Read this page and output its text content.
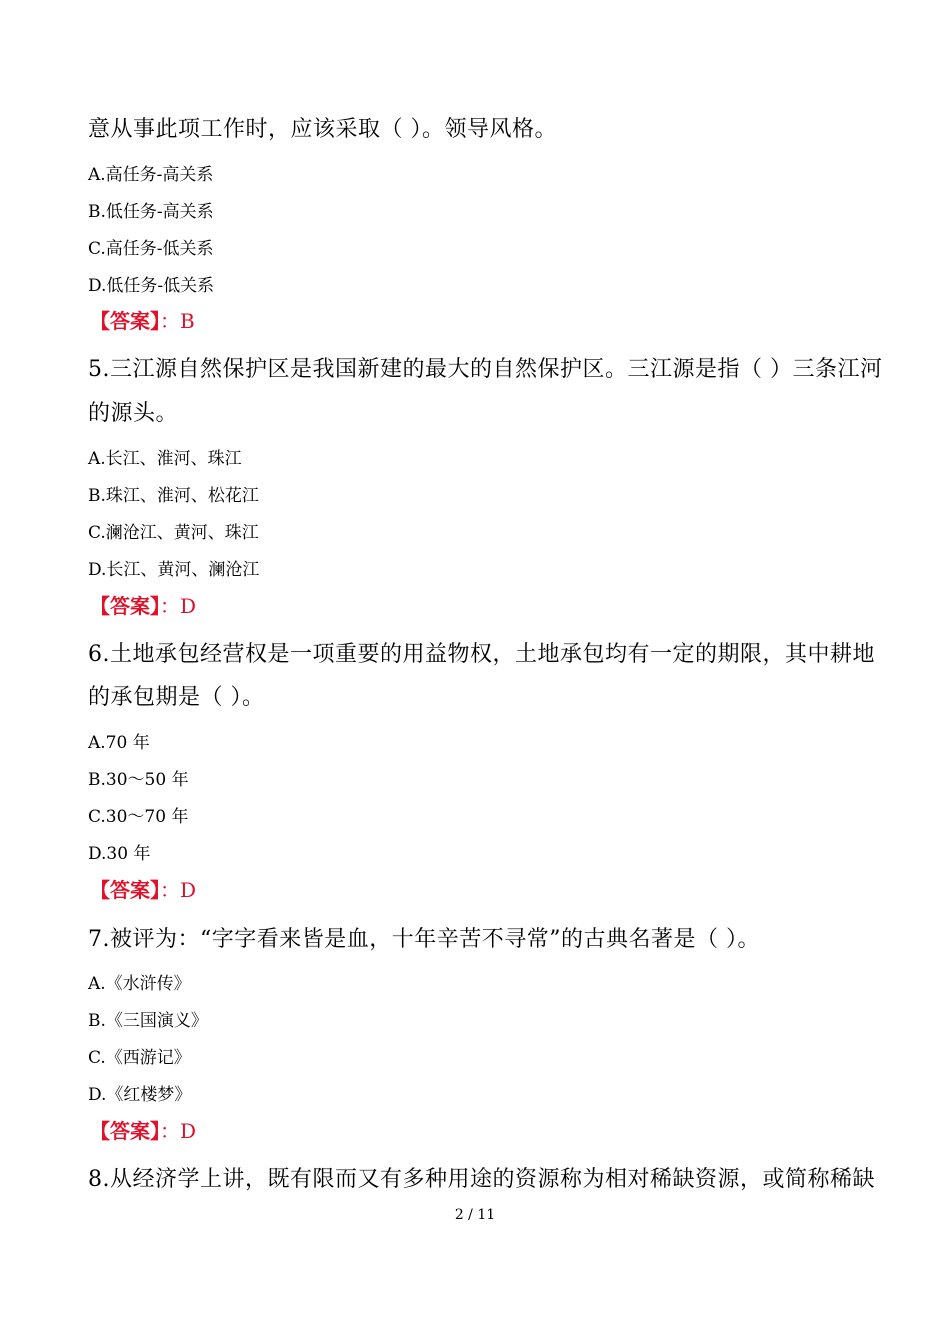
意从事此项工作时，应该采取（ ）。领导风格。

A.高任务-高关系

B.低任务-高关系

C.高任务-低关系

D.低任务-低关系

【答案】：B

5.三江源自然保护区是我国新建的最大的自然保护区。三江源是指（ ）三条江河

的源头。

A.长江、淮河、珠江

B.珠江、淮河、松花江

C.澜沧江、黄河、珠江

D.长江、黄河、澜沧江

【答案】：D

6.土地承包经营权是一项重要的用益物权，土地承包均有一定的期限，其中耕地

的承包期是（ ）。

A.70 年

B.30～50 年

C.30～70 年

D.30 年

【答案】：D

7.被评为：“字字看来皆是血，十年辛苦不寻常”的古典名著是（ ）。

A.《水浒传》

B.《三国演义》

C.《西游记》

D.《红楼梦》

【答案】：D

8.从经济学上讲，既有限而又有多种用途的资源称为相对稀缺资源，或简称稀缺

2 / 11
